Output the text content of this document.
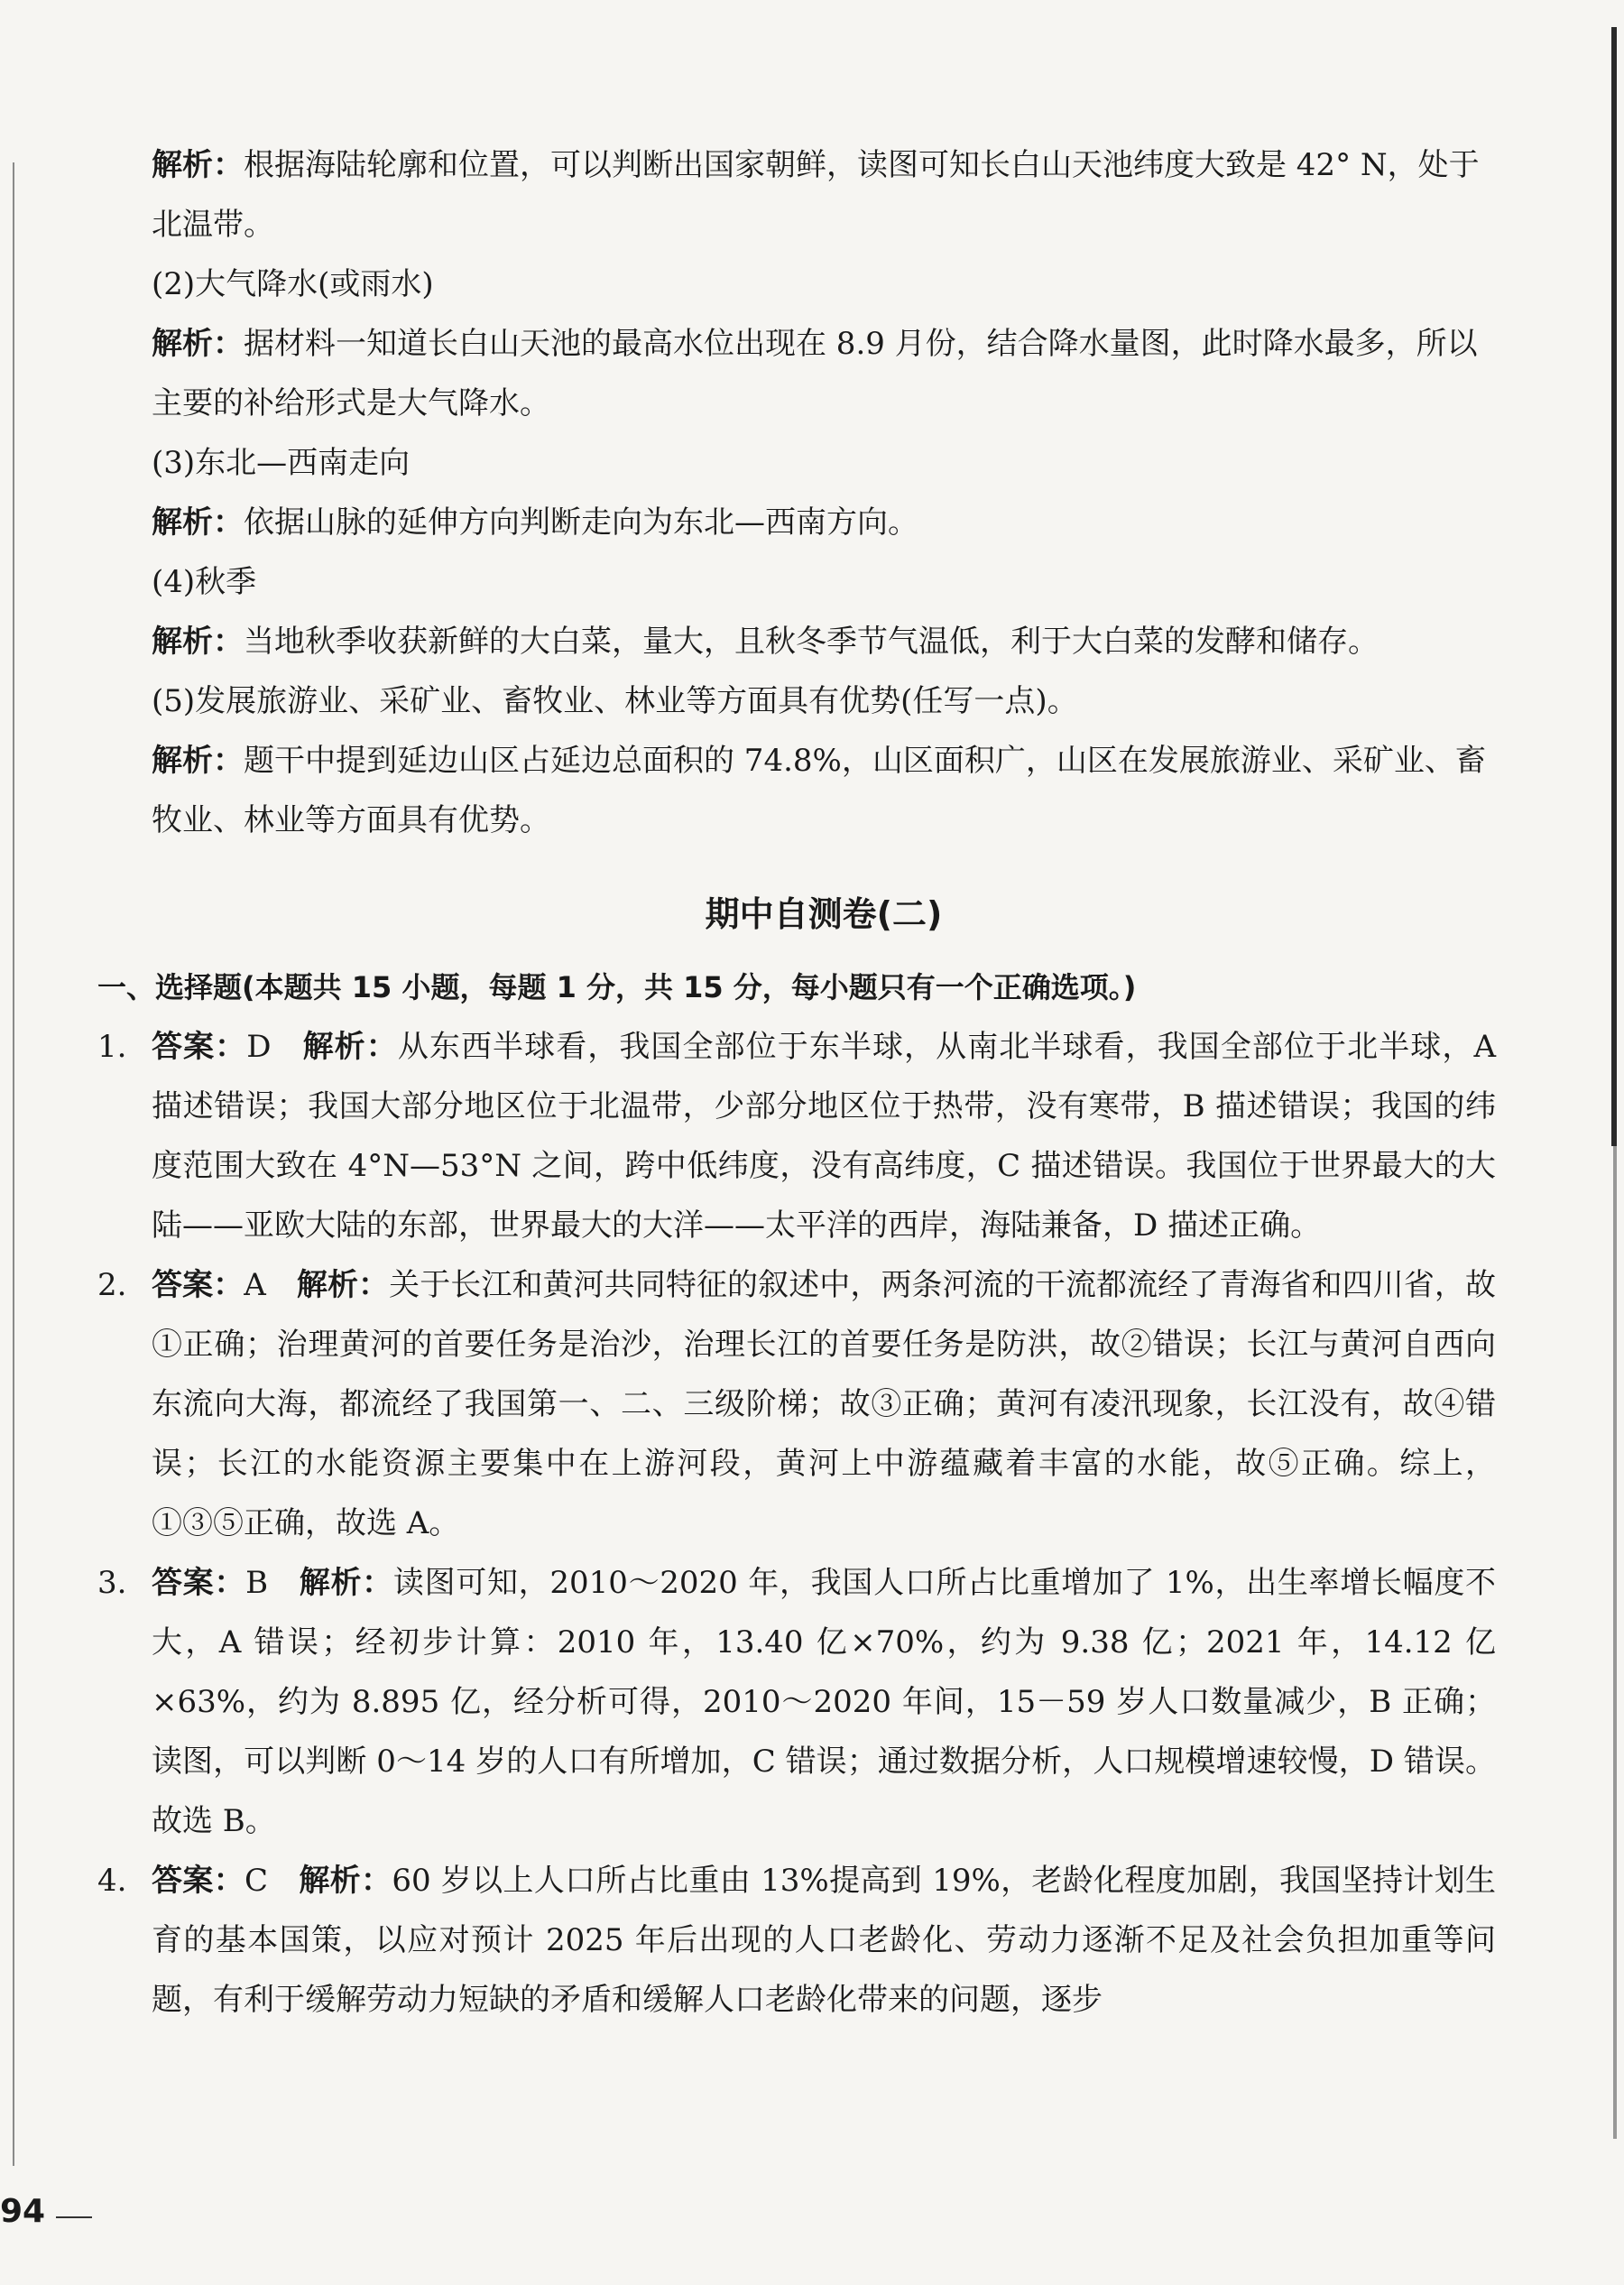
解析：根据海陆轮廓和位置，可以判断出国家朝鲜，读图可知长白山天池纬度大致是 42° N，处于北温带。
(2)大气降水(或雨水)
解析：据材料一知道长白山天池的最高水位出现在 8.9 月份，结合降水量图，此时降水最多，所以主要的补给形式是大气降水。
(3)东北—西南走向
解析：依据山脉的延伸方向判断走向为东北—西南方向。
(4)秋季
解析：当地秋季收获新鲜的大白菜，量大，且秋冬季节气温低，利于大白菜的发酵和储存。
(5)发展旅游业、采矿业、畜牧业、林业等方面具有优势(任写一点)。
解析：题干中提到延边山区占延边总面积的 74.8%，山区面积广，山区在发展旅游业、采矿业、畜牧业、林业等方面具有优势。
期中自测卷(二)
一、选择题(本题共 15 小题，每题 1 分，共 15 分，每小题只有一个正确选项。)
1. 答案：D  解析：从东西半球看，我国全部位于东半球，从南北半球看，我国全部位于北半球，A 描述错误；我国大部分地区位于北温带，少部分地区位于热带，没有寒带，B 描述错误；我国的纬度范围大致在 4°N—53°N 之间，跨中低纬度，没有高纬度，C 描述错误。我国位于世界最大的大陆——亚欧大陆的东部，世界最大的大洋——太平洋的西岸，海陆兼备，D 描述正确。
2. 答案：A  解析：关于长江和黄河共同特征的叙述中，两条河流的干流都流经了青海省和四川省，故①正确；治理黄河的首要任务是治沙，治理长江的首要任务是防洪，故②错误；长江与黄河自西向东流向大海，都流经了我国第一、二、三级阶梯；故③正确；黄河有凌汛现象，长江没有，故④错误；长江的水能资源主要集中在上游河段，黄河上中游蕴藏着丰富的水能，故⑤正确。综上，①③⑤正确，故选 A。
3. 答案：B  解析：读图可知，2010～2020 年，我国人口所占比重增加了 1%，出生率增长幅度不大，A 错误；经初步计算：2010 年，13.40 亿×70%，约为 9.38 亿；2021 年，14.12 亿×63%，约为 8.895 亿，经分析可得，2010～2020 年间，15－59 岁人口数量减少，B 正确；读图，可以判断 0～14 岁的人口有所增加，C 错误；通过数据分析，人口规模增速较慢，D 错误。故选 B。
4. 答案：C  解析：60 岁以上人口所占比重由 13%提高到 19%，老龄化程度加剧，我国坚持计划生育的基本国策，以应对预计 2025 年后出现的人口老龄化、劳动力逐渐不足及社会负担加重等问题，有利于缓解劳动力短缺的矛盾和缓解人口老龄化带来的问题，逐步
94
